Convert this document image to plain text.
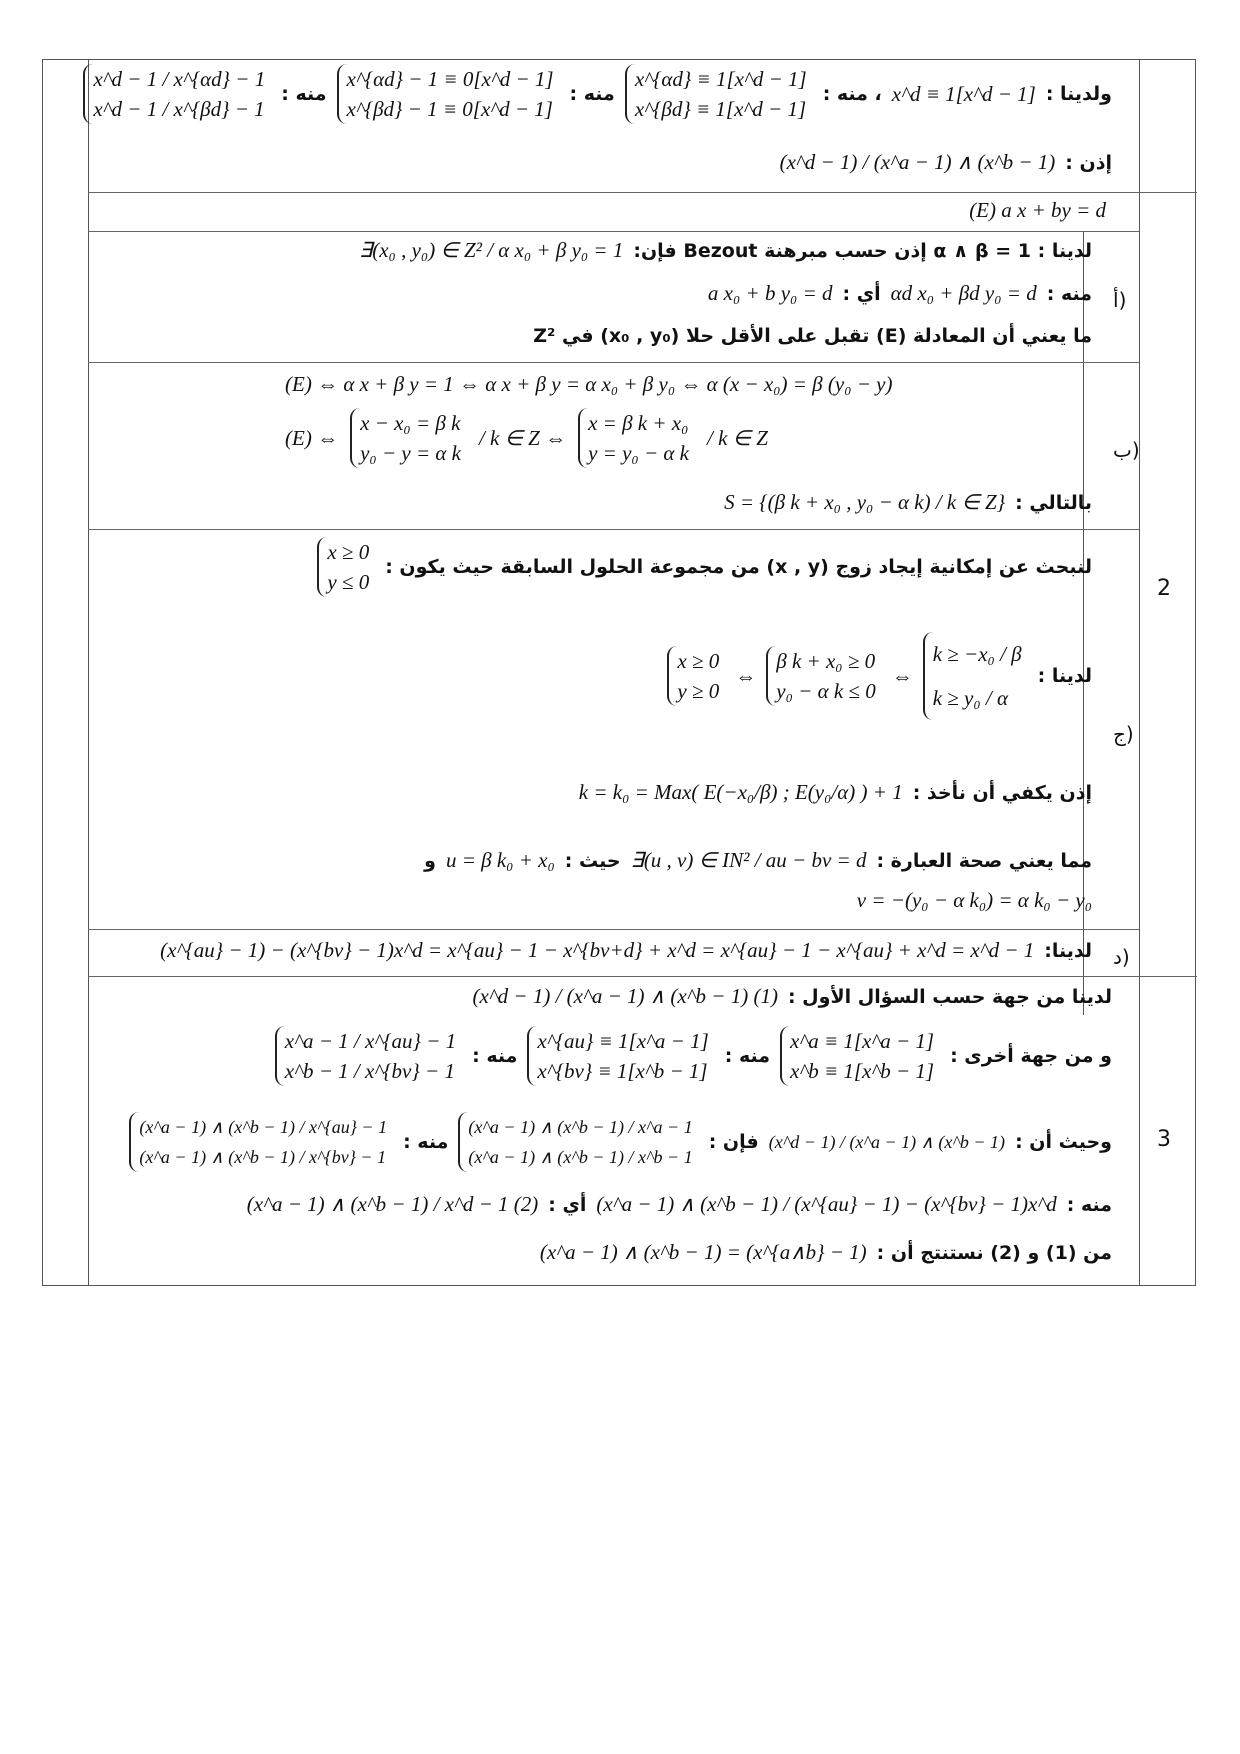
ولدينا :
x^d ≡ 1[x^d − 1]
، منه :
x^{αd} ≡ 1[x^d − 1]
x^{βd} ≡ 1[x^d − 1]
منه :
x^{αd} − 1 ≡ 0[x^d − 1]
x^{βd} − 1 ≡ 0[x^d − 1]
منه :
x^d − 1 / x^{αd} − 1
x^d − 1 / x^{βd} − 1
إذن :
(x^d − 1) / (x^a − 1) ∧ (x^b − 1)
(E) a x + by = d
أ)
لدينا : α ∧ β = 1 إذن حسب مبرهنة Bezout فإن:
∃(x₀ , y₀) ∈ Z² / α x₀ + β y₀ = 1
منه :
αd x₀ + βd y₀ = d
أي :
a x₀ + b y₀ = d
ما يعني أن المعادلة (E) تقبل على الأقل حلا (x₀ , y₀) في Z²
ب)
(E) ⇔ α x + β y = 1 ⇔ α x + β y = α x₀ + β y₀ ⇔ α (x − x₀) = β (y₀ − y)
(E) ⇔
x − x₀ = β k
y₀ − y = α k
/ k ∈ Z ⇔
x = β k + x₀
y = y₀ − α k
/ k ∈ Z
بالتالي :
S = {(β k + x₀ , y₀ − α k) / k ∈ Z}
2
ج)
لنبحث عن إمكانية إيجاد زوج (x , y) من مجموعة الحلول السابقة حيث يكون :
x ≥ 0
y ≤ 0
لدينا :
k ≥ −x₀ / β
k ≥ y₀ / α
⇔
β k + x₀ ≥ 0
y₀ − α k ≤ 0
⇔
x ≥ 0
y ≥ 0
إذن يكفي أن نأخذ :
k = k₀ = Max( E(−x₀/β) ; E(y₀/α) ) + 1
مما يعني صحة العبارة :
∃(u , v) ∈ IN² / au − bv = d
حيث :
u = β k₀ + x₀
و
v = −(y₀ − α k₀) = α k₀ − y₀
د)
لدينا:
(x^{au} − 1) − (x^{bv} − 1)x^d = x^{au} − 1 − x^{bv+d} + x^d = x^{au} − 1 − x^{au} + x^d = x^d − 1
3
لدينا من جهة حسب السؤال الأول :
(x^d − 1) / (x^a − 1) ∧ (x^b − 1) (1)
و من جهة أخرى :
x^a ≡ 1[x^a − 1]
x^b ≡ 1[x^b − 1]
منه :
x^{au} ≡ 1[x^a − 1]
x^{bv} ≡ 1[x^b − 1]
منه :
x^a − 1 / x^{au} − 1
x^b − 1 / x^{bv} − 1
وحيث أن :
(x^d − 1) / (x^a − 1) ∧ (x^b − 1)
فإن :
(x^a − 1) ∧ (x^b − 1) / x^a − 1
(x^a − 1) ∧ (x^b − 1) / x^b − 1
منه :
(x^a − 1) ∧ (x^b − 1) / x^{au} − 1
(x^a − 1) ∧ (x^b − 1) / x^{bv} − 1
منه :
(x^a − 1) ∧ (x^b − 1) / (x^{au} − 1) − (x^{bv} − 1)x^d
أي :
(x^a − 1) ∧ (x^b − 1) / x^d − 1 (2)
من (1) و (2) نستنتج أن :
(x^a − 1) ∧ (x^b − 1) = (x^{a∧b} − 1)
